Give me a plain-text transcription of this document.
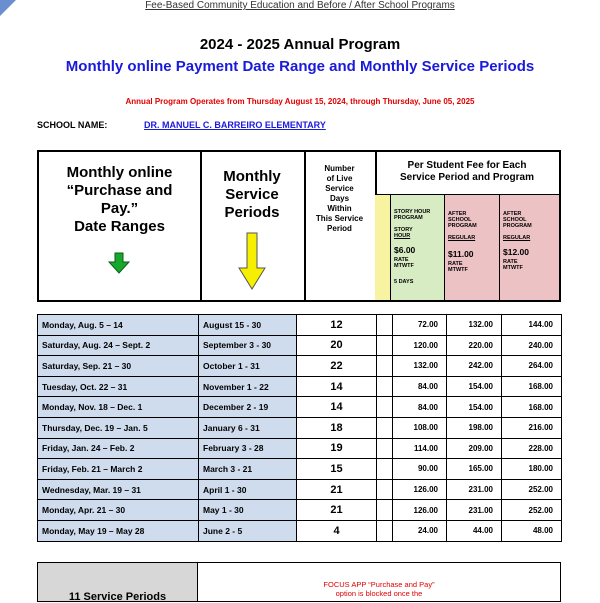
Fee-Based Community Education and Before / After School Programs
2024 - 2025 Annual Program
Monthly online Payment Date Range and Monthly Service Periods
Annual Program Operates from Thursday August 15, 2024, through Thursday, June 05, 2025
SCHOOL NAME:	DR. MANUEL C. BARREIRO ELEMENTARY
Monthly online
“Purchase and
Pay.”
Date Ranges
Monthly
Service
Periods
Number
of Live
Service
Days
Within
This Service
Period
Per Student Fee for Each
Service Period and Program
STORY HOUR
PROGRAM
STORY
HOUR
$6.00
RATE
MTWTF
5 DAYS
AFTER
SCHOOL
PROGRAM
REGULAR
$11.00
RATE
MTWTF
AFTER
SCHOOL
PROGRAM
REGULAR
$12.00
RATE
MTWTF
Monday, Aug. 5 – 14	August 15 - 30	12		72.00	132.00	144.00
Saturday, Aug. 24 – Sept. 2	September 3 - 30	20		120.00	220.00	240.00
Saturday, Sep. 21 – 30	October 1 - 31	22		132.00	242.00	264.00
Tuesday, Oct. 22 – 31	November 1 - 22	14		84.00	154.00	168.00
Monday, Nov. 18 – Dec. 1	December 2 - 19	14		84.00	154.00	168.00
Thursday, Dec. 19 – Jan. 5	January 6 - 31	18		108.00	198.00	216.00
Friday, Jan. 24 – Feb. 2	February 3 - 28	19		114.00	209.00	228.00
Friday, Feb. 21 – March 2	March 3 - 21	15		90.00	165.00	180.00
Wednesday, Mar. 19 – 31	April 1 - 30	21		126.00	231.00	252.00
Monday, Apr. 21 – 30	May 1 - 30	21		126.00	231.00	252.00
Monday, May 19 – May 28	June 2 - 5	4		24.00	44.00	48.00
11 Service Periods
FOCUS APP “Purchase and Pay”
option is blocked once the
